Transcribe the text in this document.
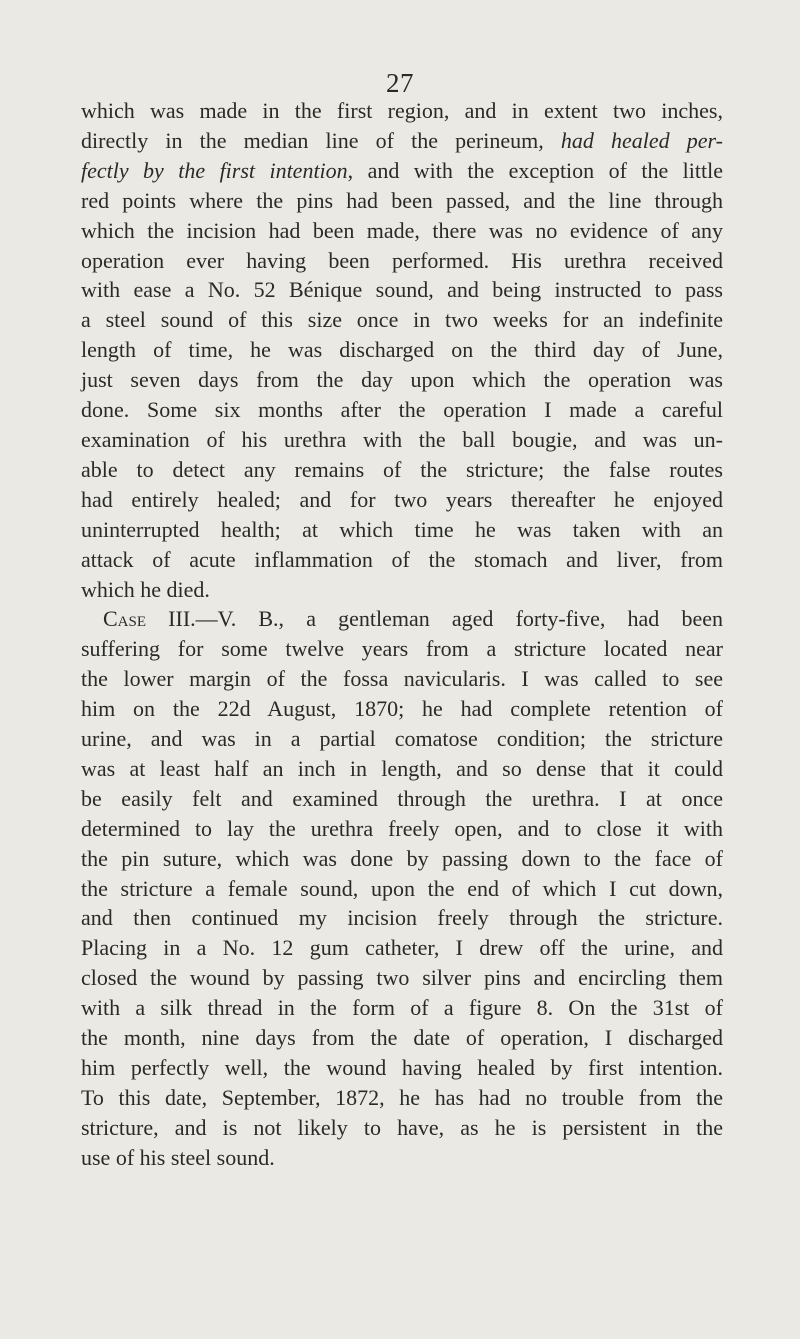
27

which was made in the first region, and in extent two inches,
directly in the median line of the perineum, had healed per-
fectly by the first intention, and with the exception of the little
red points where the pins had been passed, and the line through
which the incision had been made, there was no evidence of any
operation ever having been performed. His urethra received
with ease a No. 52 Bénique sound, and being instructed to pass
a steel sound of this size once in two weeks for an indefinite
length of time, he was discharged on the third day of June,
just seven days from the day upon which the operation was
done. Some six months after the operation I made a careful
examination of his urethra with the ball bougie, and was un-
able to detect any remains of the stricture; the false routes
had entirely healed; and for two years thereafter he enjoyed
uninterrupted health; at which time he was taken with an
attack of acute inflammation of the stomach and liver, from
which he died.

Case III.—V. B., a gentleman aged forty-five, had been
suffering for some twelve years from a stricture located near
the lower margin of the fossa navicularis. I was called to see
him on the 22d August, 1870; he had complete retention of
urine, and was in a partial comatose condition; the stricture
was at least half an inch in length, and so dense that it could
be easily felt and examined through the urethra. I at once
determined to lay the urethra freely open, and to close it with
the pin suture, which was done by passing down to the face of
the stricture a female sound, upon the end of which I cut down,
and then continued my incision freely through the stricture.
Placing in a No. 12 gum catheter, I drew off the urine, and
closed the wound by passing two silver pins and encircling them
with a silk thread in the form of a figure 8. On the 31st of
the month, nine days from the date of operation, I discharged
him perfectly well, the wound having healed by first intention.
To this date, September, 1872, he has had no trouble from the
stricture, and is not likely to have, as he is persistent in the
use of his steel sound.
